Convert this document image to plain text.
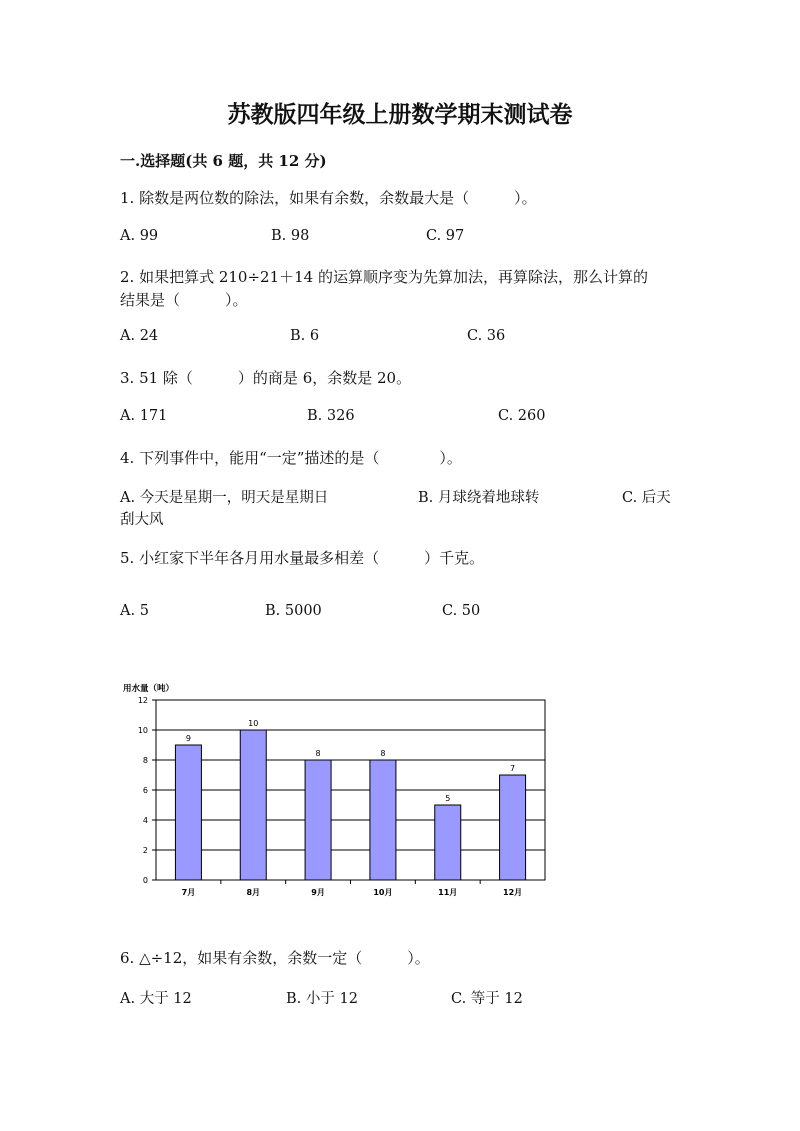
苏教版四年级上册数学期末测试卷
一.选择题(共 6 题，共 12 分)
1. 除数是两位数的除法，如果有余数，余数最大是（　　　）。
A. 99	B. 98	C. 97
2. 如果把算式 210÷21＋14 的运算顺序变为先算加法，再算除法，那么计算的
结果是（　　　）。
A. 24	B. 6	C. 36
3. 51 除（　　　）的商是 6，余数是 20。
A. 171	B. 326	C. 260
4. 下列事件中，能用“一定”描述的是（　　　　）。
A. 今天是星期一，明天是星期日	B. 月球绕着地球转	C. 后天
刮大风
5. 小红家下半年各月用水量最多相差（　　　）千克。
A. 5	B. 5000	C. 50
用水量（吨）
0
2
4
6
8
10
12
9
7月
10
8月
8
9月
8
10月
5
11月
7
12月
6. △÷12，如果有余数，余数一定（　　　）。
A. 大于 12	B. 小于 12	C. 等于 12
